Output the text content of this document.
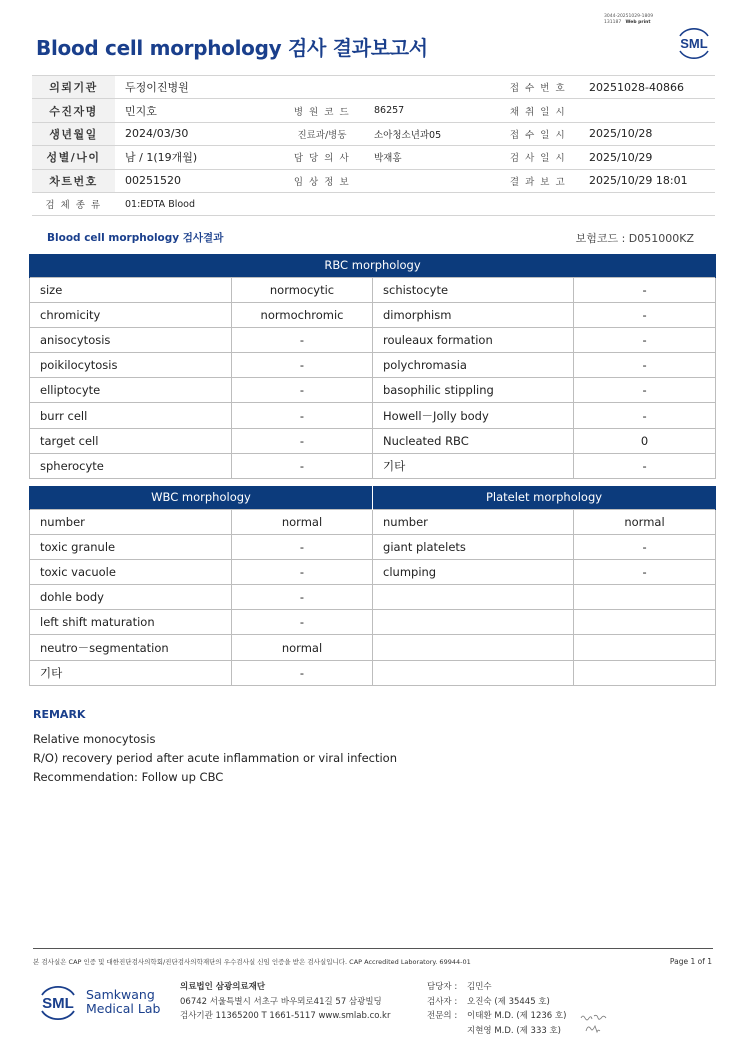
3044-20251029-1809
131187 Web print
SML
Blood cell morphology 검사 결과보고서
의뢰기관	두정이진병원			접 수 번 호	20251028-40866
수진자명	민지호	병 원 코 드	86257	채 취 일 시	
생년월일	2024/03/30	진료과/병동	소아청소년과05	접 수 일 시	2025/10/28
성별/나이	남 / 1(19개월)	담 당 의 사	박재홍	검 사 일 시	2025/10/29
차트번호	00251520	임 상 정 보		결 과 보 고	2025/10/29 18:01
검 체 종 류	01:EDTA Blood				
Blood cell morphology 검사결과	보험코드 : D051000KZ
RBC morphology			
size	normocytic	schistocyte	-
chromicity	normochromic	dimorphism	-
anisocytosis	-	rouleaux formation	-
poikilocytosis	-	polychromasia	-
elliptocyte	-	basophilic stippling	-
burr cell	-	Howell－Jolly body	-
target cell	-	Nucleated RBC	0
spherocyte	-	기타	-
WBC morphology		Platelet morphology	
number	normal	number	normal
toxic granule	-	giant platelets	-
toxic vacuole	-	clumping	-
dohle body	-		
left shift maturation	-		
neutro－segmentation	normal		
기타	-		
REMARK
Relative monocytosis
R/O) recovery period after acute inflammation or viral infection
Recommendation: Follow up CBC
본 검사실은 CAP 인증 및 대한진단검사의학회/진단검사의학재단의 우수검사실 신임 인증을 받은 검사실입니다. CAP Accredited Laboratory. 69944-01	Page 1 of 1
SML
Samkwang
Medical Lab
의료법인 삼광의료재단
06742 서울특별시 서초구 바우뫼로41길 57 삼광빌딩
검사기관 11365200 T 1661-5117 www.smlab.co.kr
담당자 :	김민수
검사자 :	오진숙 (제 35445 호)
전문의 :	이태환 M.D. (제 1236 호)
지현영 M.D. (제 333 호)
